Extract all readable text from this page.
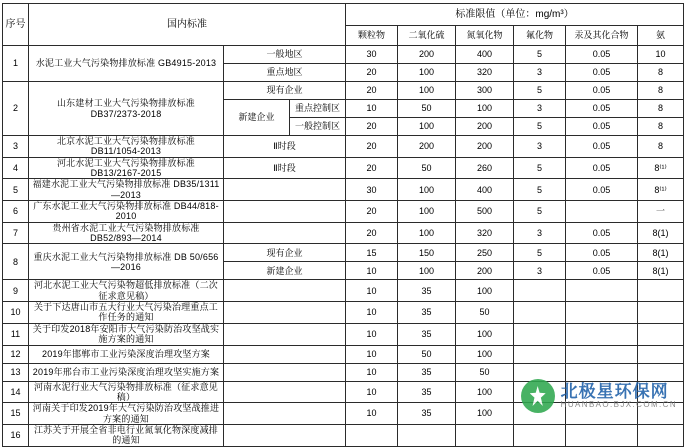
序号	国内标准			标准限值（单位：mg/m³）					
				颗粒物	二氧化硫	氮氧化物	氟化物	汞及其化合物	氨
1	水泥工业大气污染物排放标准 GB4915-2013	一般地区		30	200	400	5	0.05	10
		重点地区		20	100	320	3	0.05	8
2	山东建材工业大气污染物排放标准 DB37/2373-2018	现有企业		20	100	300	5	0.05	8
		新建企业	重点控制区	10	50	100	3	0.05	8
			一般控制区	20	100	200	5	0.05	8
3	北京水泥工业大气污染物排放标准 DB11/1054-2013	Ⅱ时段		20	200	200	3	0.05	8
4	河北水泥工业大气污染物排放标准 DB13/2167-2015	Ⅱ时段		20	50	260	5	0.05	8⁽¹⁾
5	福建水泥工业大气污染物排放标准 DB35/1311—2013			30	100	400	5	0.05	8⁽¹⁾
6	广东水泥工业大气污染物排放标准 DB44/818-2010			20	100	500	5		一
7	贵州省水泥工业大气污染物排放标准 DB52/893—2014			20	100	320	3	0.05	8(1)
8	重庆水泥工业大气污染物排放标准 DB 50/656—2016	现有企业		15	150	250	5	0.05	8(1)
		新建企业		10	100	200	3	0.05	8(1)
9	河北水泥工业大气污染物超低排放标准（二次征求意见稿）			10	35	100			
10	关于下达唐山市五大行业大气污染治理重点工作任务的通知			10	35	50			
11	关于印发2018年安阳市大气污染防治攻坚战实施方案的通知			10	35	100			
12	2019年邯郸市工业污染深度治理攻坚方案			10	50	100			
13	2019年邢台市工业污染深度治理攻坚实施方案			10	35	50			
14	河南水泥行业大气污染物排放标准（征求意见稿）			10	35	100			
15	河南关于印发2019年大气污染防治攻坚战推进方案的通知			10	35	100			
16	江苏关于开展全省非电行业氮氧化物深度减排的通知								
北极星环保网
HUANBAO.BJX.COM.CN
